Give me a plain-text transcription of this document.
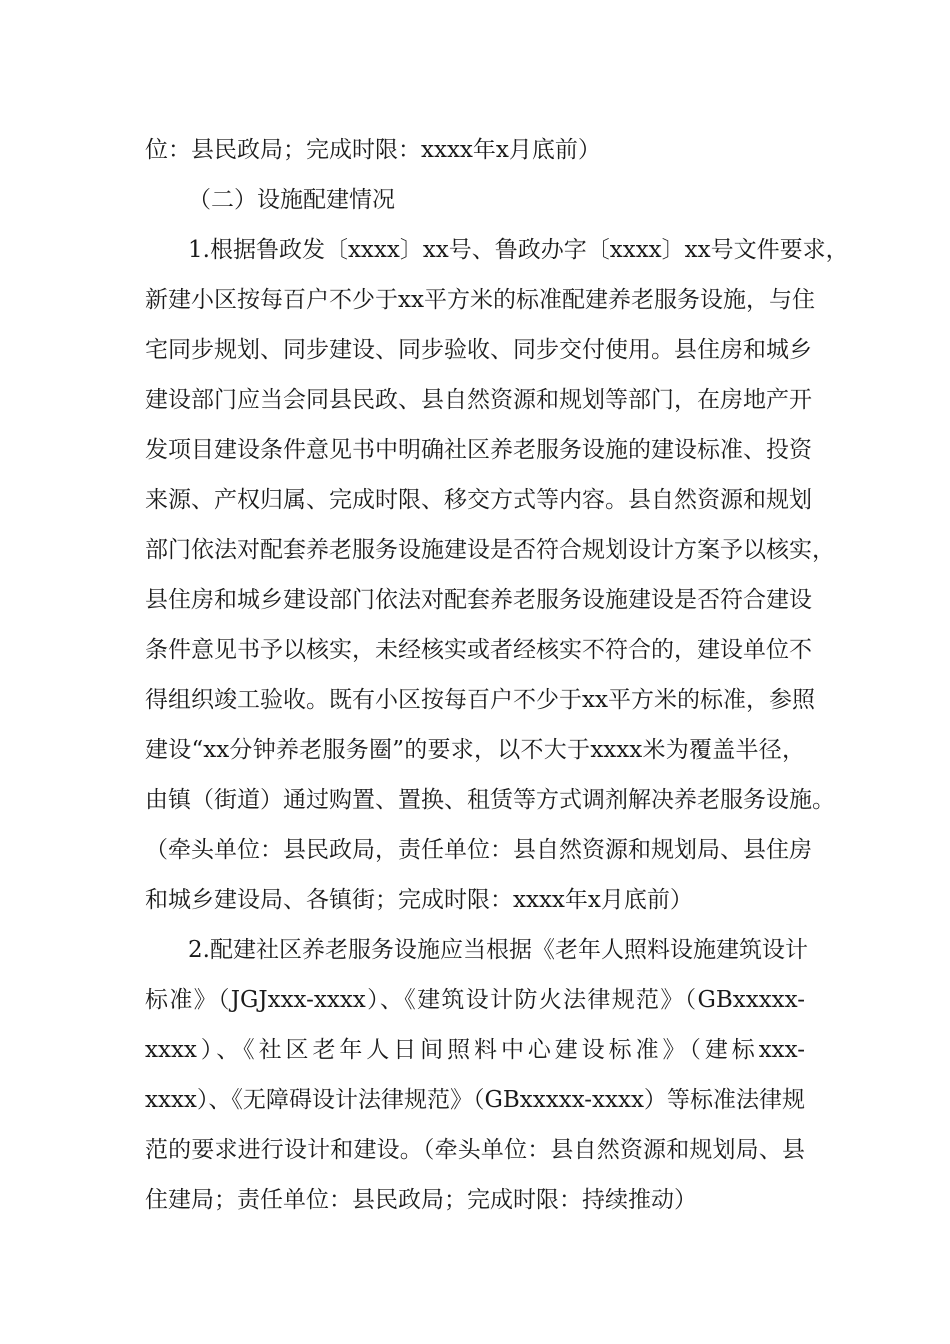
位：县民政局；完成时限：xxxx年x月底前）
（二）设施配建情况
1.根据鲁政发〔xxxx〕xx号、鲁政办字〔xxxx〕xx号文件要求，
新建小区按每百户不少于xx平方米的标准配建养老服务设施，与住
宅同步规划、同步建设、同步验收、同步交付使用。县住房和城乡
建设部门应当会同县民政、县自然资源和规划等部门，在房地产开
发项目建设条件意见书中明确社区养老服务设施的建设标准、投资
来源、产权归属、完成时限、移交方式等内容。县自然资源和规划
部门依法对配套养老服务设施建设是否符合规划设计方案予以核实，
县住房和城乡建设部门依法对配套养老服务设施建设是否符合建设
条件意见书予以核实，未经核实或者经核实不符合的，建设单位不
得组织竣工验收。既有小区按每百户不少于xx平方米的标准，参照
建设“xx分钟养老服务圈”的要求，以不大于xxxx米为覆盖半径，
由镇（街道）通过购置、置换、租赁等方式调剂解决养老服务设施。
（牵头单位：县民政局，责任单位：县自然资源和规划局、县住房
和城乡建设局、各镇街；完成时限：xxxx年x月底前）
2.配建社区养老服务设施应当根据《老年人照料设施建筑设计
标准》（JGJxxx-xxxx）、《建筑设计防火法律规范》（GBxxxxx-
xxxx）、《社区老年人日间照料中心建设标准》（建标xxx-
xxxx）、《无障碍设计法律规范》（GBxxxxx-xxxx）等标准法律规
范的要求进行设计和建设。（牵头单位：县自然资源和规划局、县
住建局；责任单位：县民政局；完成时限：持续推动）
